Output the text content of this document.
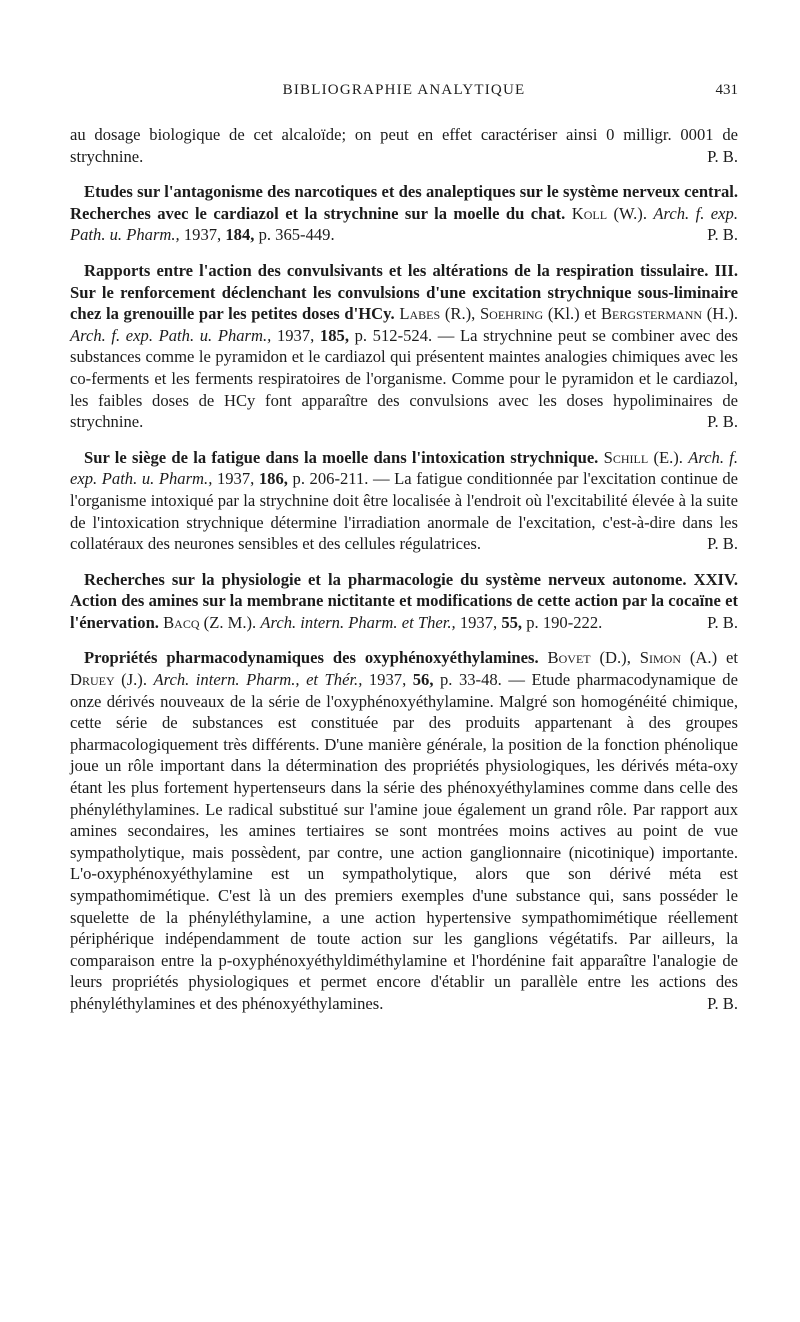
BIBLIOGRAPHIE ANALYTIQUE	431

au dosage biologique de cet alcaloïde; on peut en effet caractériser ainsi 0 milligr. 0001 de strychnine.	P. B.

Etudes sur l'antagonisme des narcotiques et des analeptiques sur le système nerveux central. Recherches avec le cardiazol et la strychnine sur la moelle du chat. Koll (W.). Arch. f. exp. Path. u. Pharm., 1937, 184, p. 365-449.	P. B.

Rapports entre l'action des convulsivants et les altérations de la respiration tissulaire. III. Sur le renforcement déclenchant les convulsions d'une excitation strychnique sous-liminaire chez la grenouille par les petites doses d'HCy. Labes (R.), Soehring (Kl.) et Bergstermann (H.). Arch. f. exp. Path. u. Pharm., 1937, 185, p. 512-524. — La strychnine peut se combiner avec des substances comme le pyramidon et le cardiazol qui présentent maintes analogies chimiques avec les co-ferments et les ferments respiratoires de l'organisme. Comme pour le pyramidon et le cardiazol, les faibles doses de HCy font apparaître des convulsions avec les doses hypoliminaires de strychnine.	P. B.

Sur le siège de la fatigue dans la moelle dans l'intoxication strychnique. Schill (E.). Arch. f. exp. Path. u. Pharm., 1937, 186, p. 206-211. — La fatigue conditionnée par l'excitation continue de l'organisme intoxiqué par la strychnine doit être localisée à l'endroit où l'excitabilité élevée à la suite de l'intoxication strychnique détermine l'irradiation anormale de l'excitation, c'est-à-dire dans les collatéraux des neurones sensibles et des cellules régulatrices.	P. B.

Recherches sur la physiologie et la pharmacologie du système nerveux autonome. XXIV. Action des amines sur la membrane nictitante et modifications de cette action par la cocaïne et l'énervation. Bacq (Z. M.). Arch. intern. Pharm. et Ther., 1937, 55, p. 190-222.	P. B.

Propriétés pharmacodynamiques des oxyphénoxyéthylamines. Bovet (D.), Simon (A.) et Druey (J.). Arch. intern. Pharm., et Thér., 1937, 56, p. 33-48. — Etude pharmacodynamique de onze dérivés nouveaux de la série de l'oxyphénoxyéthylamine. Malgré son homogénéité chimique, cette série de substances est constituée par des produits appartenant à des groupes pharmacologiquement très différents. D'une manière générale, la position de la fonction phénolique joue un rôle important dans la détermination des propriétés physiologiques, les dérivés méta-oxy étant les plus fortement hypertenseurs dans la série des phénoxyéthylamines comme dans celle des phényléthylamines. Le radical substitué sur l'amine joue également un grand rôle. Par rapport aux amines secondaires, les amines tertiaires se sont montrées moins actives au point de vue sympatholytique, mais possèdent, par contre, une action ganglionnaire (nicotinique) importante. L'o-oxyphénoxyéthylamine est un sympatholytique, alors que son dérivé méta est sympathomimétique. C'est là un des premiers exemples d'une substance qui, sans posséder le squelette de la phényléthylamine, a une action hypertensive sympathomimétique réellement périphérique indépendamment de toute action sur les ganglions végétatifs. Par ailleurs, la comparaison entre la p-oxyphénoxyéthyldiméthylamine et l'hordénine fait apparaître l'analogie de leurs propriétés physiologiques et permet encore d'établir un parallèle entre les actions des phényléthylamines et des phénoxyéthylamines.	P. B.
